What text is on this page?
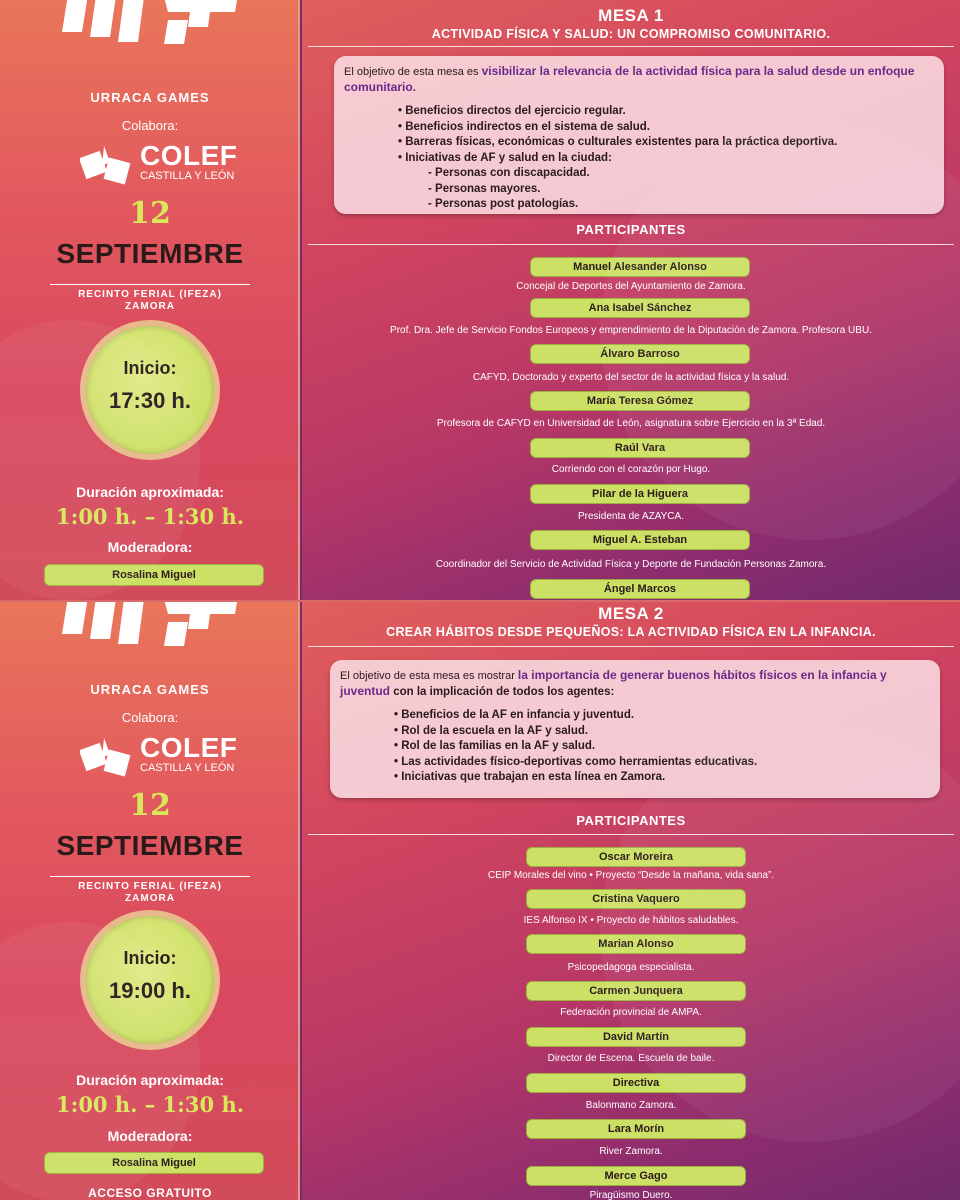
URRACA GAMES
Colabora:
COLEF
CASTILLA Y LEÓN
12
SEPTIEMBRE
RECINTO FERIAL (IFEZA)
ZAMORA
Inicio:
17:30 h.
Duración aproximada:
1:00 h. – 1:30 h.
Moderadora:
Rosalina Miguel
MESA 1
ACTIVIDAD FÍSICA Y SALUD: UN COMPROMISO COMUNITARIO.
El objetivo de esta mesa es visibilizar la relevancia de la actividad física para la salud desde un enfoque comunitario.
• Beneficios directos del ejercicio regular.
• Beneficios indirectos en el sistema de salud.
• Barreras físicas, económicas o culturales existentes para la práctica deportiva.
• Iniciativas de AF y salud en la ciudad:
- Personas con discapacidad.
- Personas mayores.
- Personas post patologías.
PARTICIPANTES
Manuel Alesander Alonso
Concejal de Deportes del Ayuntamiento de Zamora.
Ana Isabel Sánchez
Prof. Dra. Jefe de Servicio Fondos Europeos y emprendimiento de la Diputación de Zamora. Profesora UBU.
Álvaro Barroso
CAFYD, Doctorado y experto del sector de la actividad física y la salud.
María Teresa Gómez
Profesora de CAFYD en Universidad de León, asignatura sobre Ejercicio en la 3ª Edad.
Raúl Vara
Corriendo con el corazón por Hugo.
Pilar de la Higuera
Presidenta de AZAYCA.
Miguel A. Esteban
Coordinador del Servicio de Actividad Física y Deporte de Fundación Personas Zamora.
Ángel Marcos
URRACA GAMES
Colabora:
COLEF
CASTILLA Y LEÓN
12
SEPTIEMBRE
RECINTO FERIAL (IFEZA)
ZAMORA
Inicio:
19:00 h.
Duración aproximada:
1:00 h. – 1:30 h.
Moderadora:
Rosalina Miguel
ACCESO GRATUITO
MESA 2
CREAR HÁBITOS DESDE PEQUEÑOS: LA ACTIVIDAD FÍSICA EN LA INFANCIA.
El objetivo de esta mesa es mostrar la importancia de generar buenos hábitos físicos en la infancia y juventud con la implicación de todos los agentes:
• Beneficios de la AF en infancia y juventud.
• Rol de la escuela en la AF y salud.
• Rol de las familias en la AF y salud.
• Las actividades físico-deportivas como herramientas educativas.
• Iniciativas que trabajan en esta línea en Zamora.
PARTICIPANTES
Oscar Moreira
CEIP Morales del vino • Proyecto “Desde la mañana, vida sana”.
Cristina Vaquero
IES Alfonso IX • Proyecto de hábitos saludables.
Marian Alonso
Psicopedagoga especialista.
Carmen Junquera
Federación provincial de AMPA.
David Martín
Director de Escena. Escuela de baile.
Directiva
Balonmano Zamora.
Lara Morín
River Zamora.
Merce Gago
Piragüismo Duero.
